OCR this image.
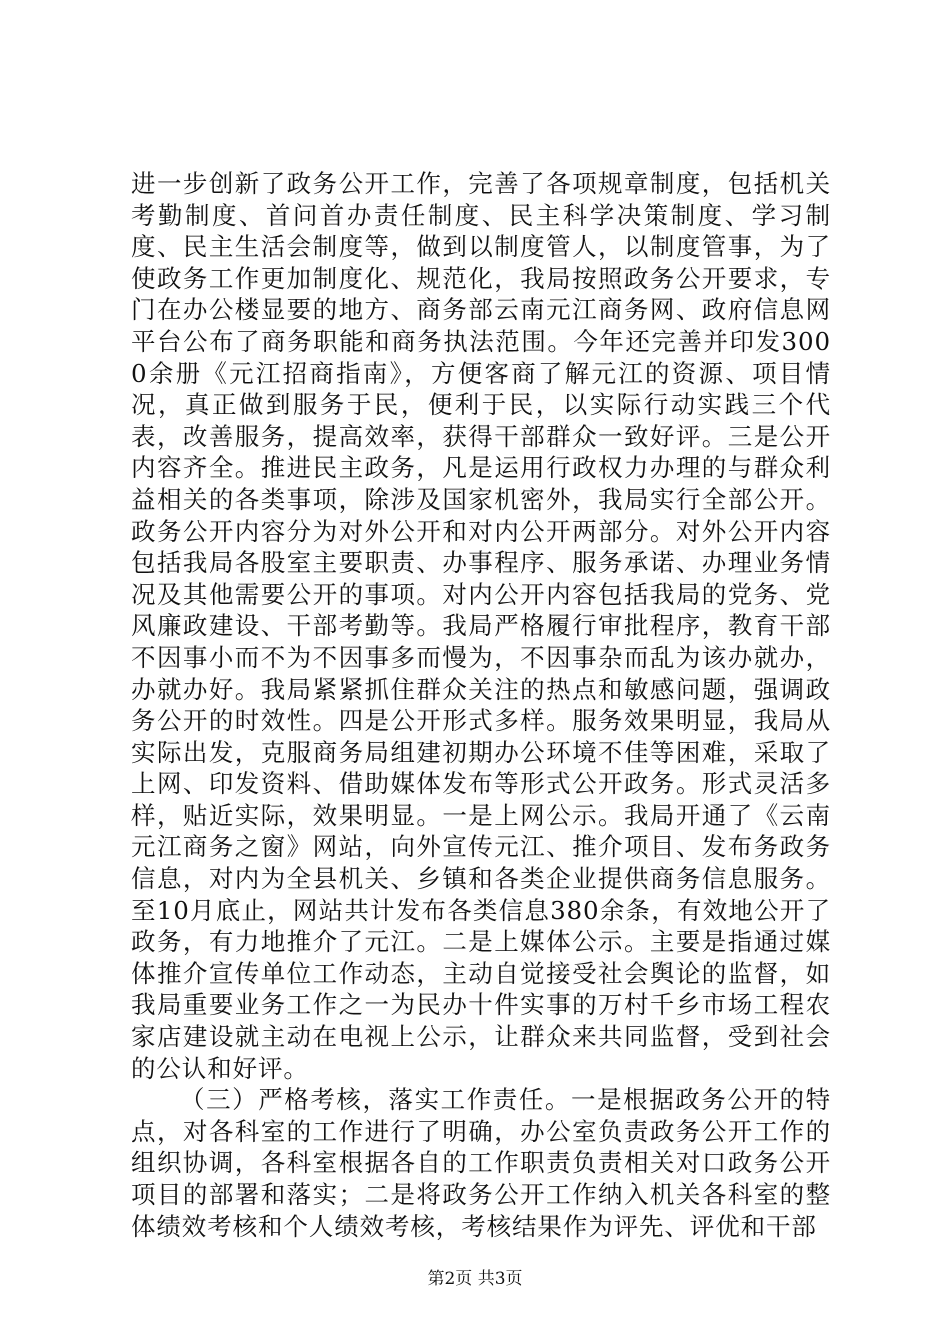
进一步创新了政务公开工作，完善了各项规章制度，包括机关考勤制度、首问首办责任制度、民主科学决策制度、学习制度、民主生活会制度等，做到以制度管人，以制度管事，为了使政务工作更加制度化、规范化，我局按照政务公开要求，专门在办公楼显要的地方、商务部云南元江商务网、政府信息网平台公布了商务职能和商务执法范围。今年还完善并印发3000余册《元江招商指南》，方便客商了解元江的资源、项目情况，真正做到服务于民，便利于民，以实际行动实践三个代表，改善服务，提高效率，获得干部群众一致好评。三是公开内容齐全。推进民主政务，凡是运用行政权力办理的与群众利益相关的各类事项，除涉及国家机密外，我局实行全部公开。政务公开内容分为对外公开和对内公开两部分。对外公开内容包括我局各股室主要职责、办事程序、服务承诺、办理业务情况及其他需要公开的事项。对内公开内容包括我局的党务、党风廉政建设、干部考勤等。我局严格履行审批程序，教育干部不因事小而不为不因事多而慢为，不因事杂而乱为该办就办，办就办好。我局紧紧抓住群众关注的热点和敏感问题，强调政务公开的时效性。四是公开形式多样。服务效果明显，我局从实际出发，克服商务局组建初期办公环境不佳等困难，采取了上网、印发资料、借助媒体发布等形式公开政务。形式灵活多样，贴近实际，效果明显。一是上网公示。我局开通了《云南元江商务之窗》网站，向外宣传元江、推介项目、发布务政务信息，对内为全县机关、乡镇和各类企业提供商务信息服务。至10月底止，网站共计发布各类信息380余条，有效地公开了政务，有力地推介了元江。二是上媒体公示。主要是指通过媒体推介宣传单位工作动态，主动自觉接受社会舆论的监督，如我局重要业务工作之一为民办十件实事的万村千乡市场工程农家店建设就主动在电视上公示，让群众来共同监督，受到社会的公认和好评。

（三）严格考核，落实工作责任。一是根据政务公开的特点，对各科室的工作进行了明确，办公室负责政务公开工作的组织协调，各科室根据各自的工作职责负责相关对口政务公开项目的部署和落实；二是将政务公开工作纳入机关各科室的整体绩效考核和个人绩效考核，考核结果作为评先、评优和干部

第2页 共3页
